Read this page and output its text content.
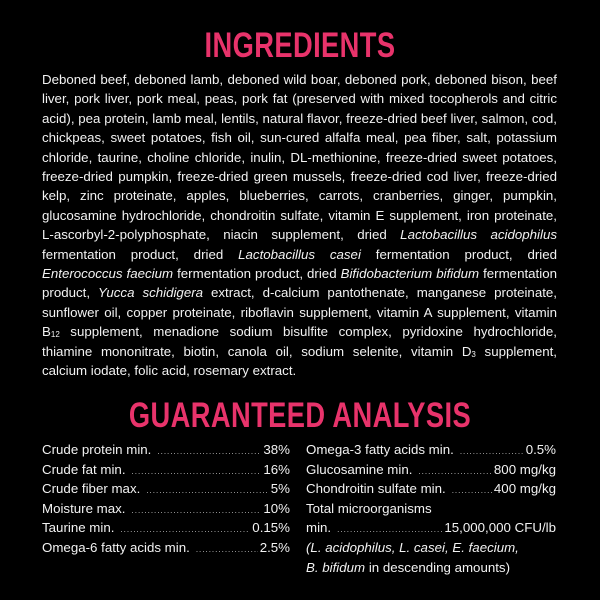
INGREDIENTS

Deboned beef, deboned lamb, deboned wild boar, deboned pork, deboned bison, beef liver, pork liver, pork meal, peas, pork fat (preserved with mixed tocopherols and citric acid), pea protein, lamb meal, lentils, natural flavor, freeze-dried beef liver, salmon, cod, chickpeas, sweet potatoes, fish oil, sun-cured alfalfa meal, pea fiber, salt, potassium chloride, taurine, choline chloride, inulin, DL-methionine, freeze-dried sweet potatoes, freeze-dried pumpkin, freeze-dried green mussels, freeze-dried cod liver, freeze-dried kelp, zinc proteinate, apples, blueberries, carrots, cranberries, ginger, pumpkin, glucosamine hydrochloride, chondroitin sulfate, vitamin E supplement, iron proteinate, L-ascorbyl-2-polyphosphate, niacin supplement, dried Lactobacillus acidophilus fermentation product, dried Lactobacillus casei fermentation product, dried Enterococcus faecium fermentation product, dried Bifidobacterium bifidum fermentation product, Yucca schidigera extract, d-calcium pantothenate, manganese proteinate, sunflower oil, copper proteinate, riboflavin supplement, vitamin A supplement, vitamin $B_{12}$ supplement, menadione sodium bisulfite complex, pyridoxine hydrochloride, thiamine mononitrate, biotin, canola oil, sodium selenite, vitamin $D_3$ supplement, calcium iodate, folic acid, rosemary extract.

GUARANTEED ANALYSIS
Crude protein min. .....	38%
Crude fat min. .....	16%
Crude fiber max. .....	5%
Moisture max. .....	10%
Taurine min. .....	0.15%
Omega-6 fatty acids min. .....	2.5%
Omega-3 fatty acids min. .....	0.5%
Glucosamine min. .....	800 mg/kg
Chondroitin sulfate min. .....	400 mg/kg
Total microorganisms
min. .....	15,000,000 CFU/lb
(L. acidophilus, L. casei, E. faecium,
B. bifidum in descending amounts)
